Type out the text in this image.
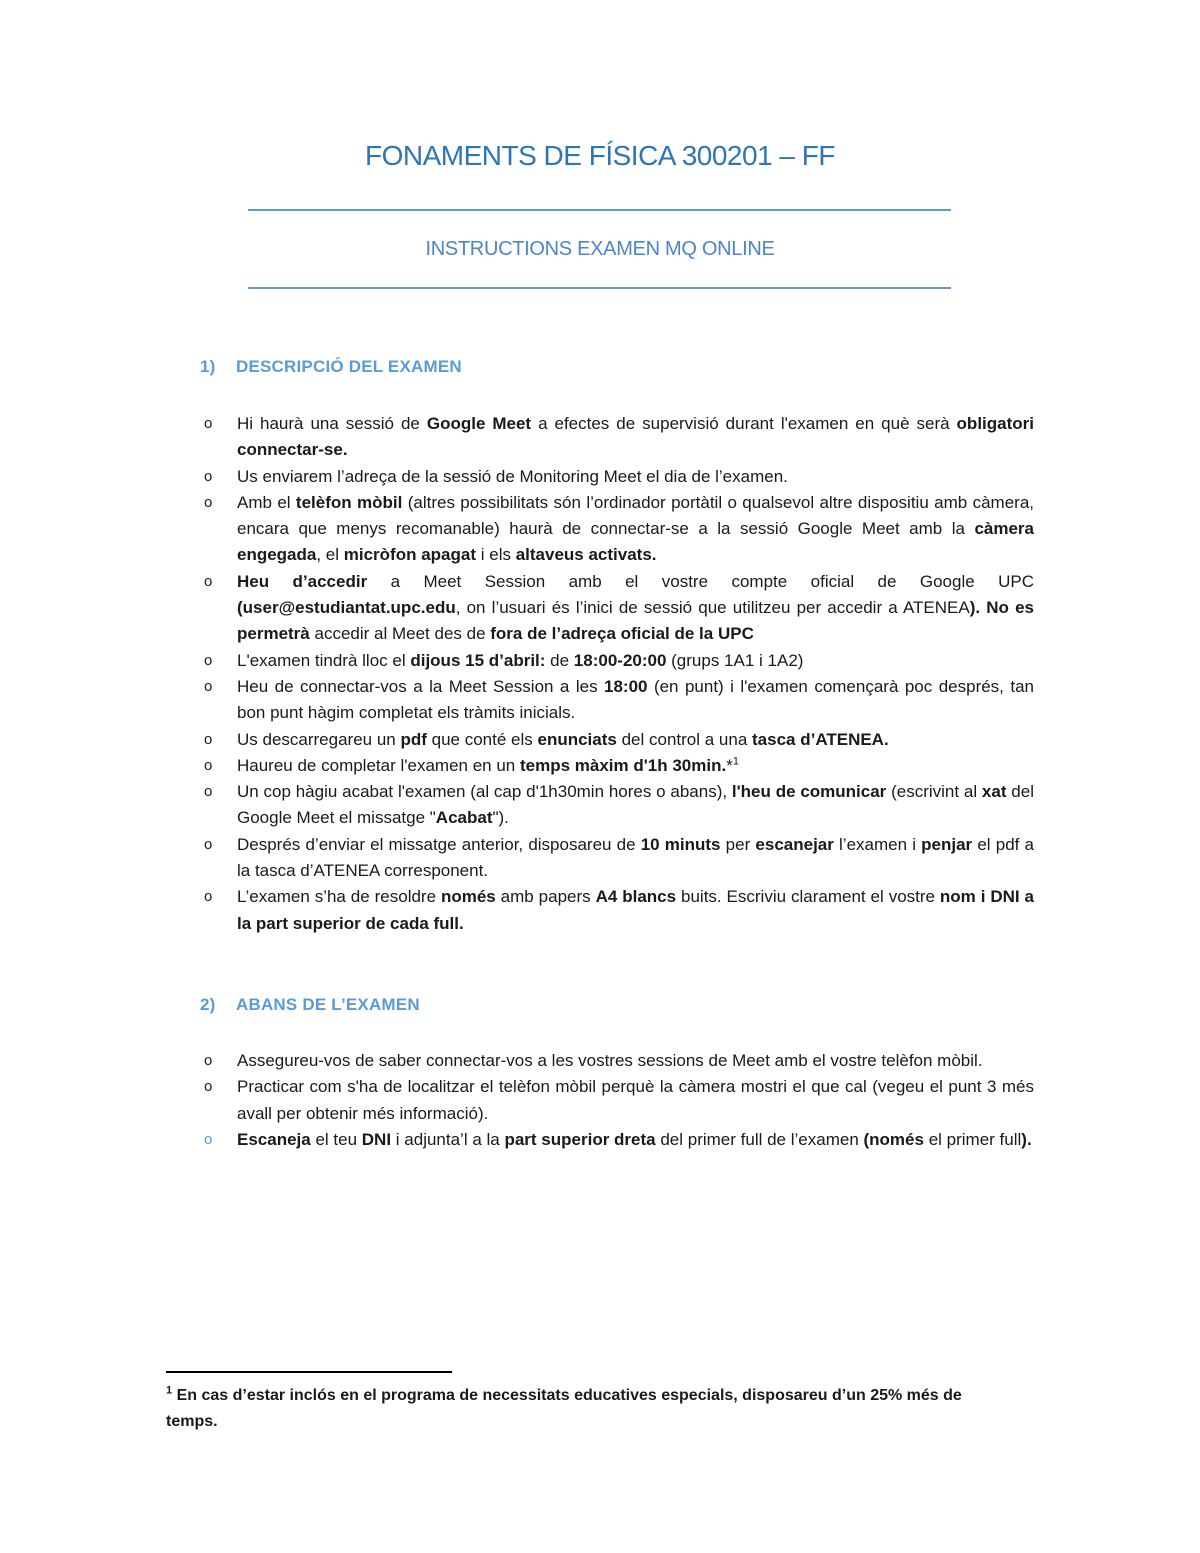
FONAMENTS DE FÍSICA 300201 – FF
INSTRUCTIONS EXAMEN MQ ONLINE
1) DESCRIPCIÓ DEL EXAMEN
o Hi haurà una sessió de Google Meet a efectes de supervisió durant l'examen en què serà obligatori connectar-se.
o Us enviarem l’adreça de la sessió de Monitoring Meet el dia de l’examen.
o Amb el telèfon mòbil (altres possibilitats són l’ordinador portàtil o qualsevol altre dispositiu amb càmera, encara que menys recomanable) haurà de connectar-se a la sessió Google Meet amb la càmera engegada, el micròfon apagat i els altaveus activats.
o Heu d’accedir a Meet Session amb el vostre compte oficial de Google UPC (user@estudiantat.upc.edu, on l’usuari és l’inici de sessió que utilitzeu per accedir a ATENEA). No es permetrà accedir al Meet des de fora de l’adreça oficial de la UPC
o L'examen tindrà lloc el dijous 15 d’abril: de 18:00-20:00 (grups 1A1 i 1A2)
o Heu de connectar-vos a la Meet Session a les 18:00 (en punt) i l'examen començarà poc després, tan bon punt hàgim completat els tràmits inicials.
o Us descarregareu un pdf que conté els enunciats del control a una tasca d’ATENEA.
o Haureu de completar l'examen en un temps màxim d'1h 30min.*$^1$
o Un cop hàgiu acabat l'examen (al cap d'1h30min hores o abans), l'heu de comunicar (escrivint al xat del Google Meet el missatge "Acabat").
o Després d’enviar el missatge anterior, disposareu de 10 minuts per escanejar l’examen i penjar el pdf a la tasca d’ATENEA corresponent.
o L’examen s’ha de resoldre només amb papers A4 blancs buits. Escriviu clarament el vostre nom i DNI a la part superior de cada full.
2) ABANS DE L’EXAMEN
o Assegureu-vos de saber connectar-vos a les vostres sessions de Meet amb el vostre telèfon mòbil.
o Practicar com s'ha de localitzar el telèfon mòbil perquè la càmera mostri el que cal (vegeu el punt 3 més avall per obtenir més informació).
o Escaneja el teu DNI i adjunta’l a la part superior dreta del primer full de l’examen (només el primer full).
$^1$ En cas d’estar inclós en el programa de necessitats educatives especials, disposareu d’un 25% més de temps.
